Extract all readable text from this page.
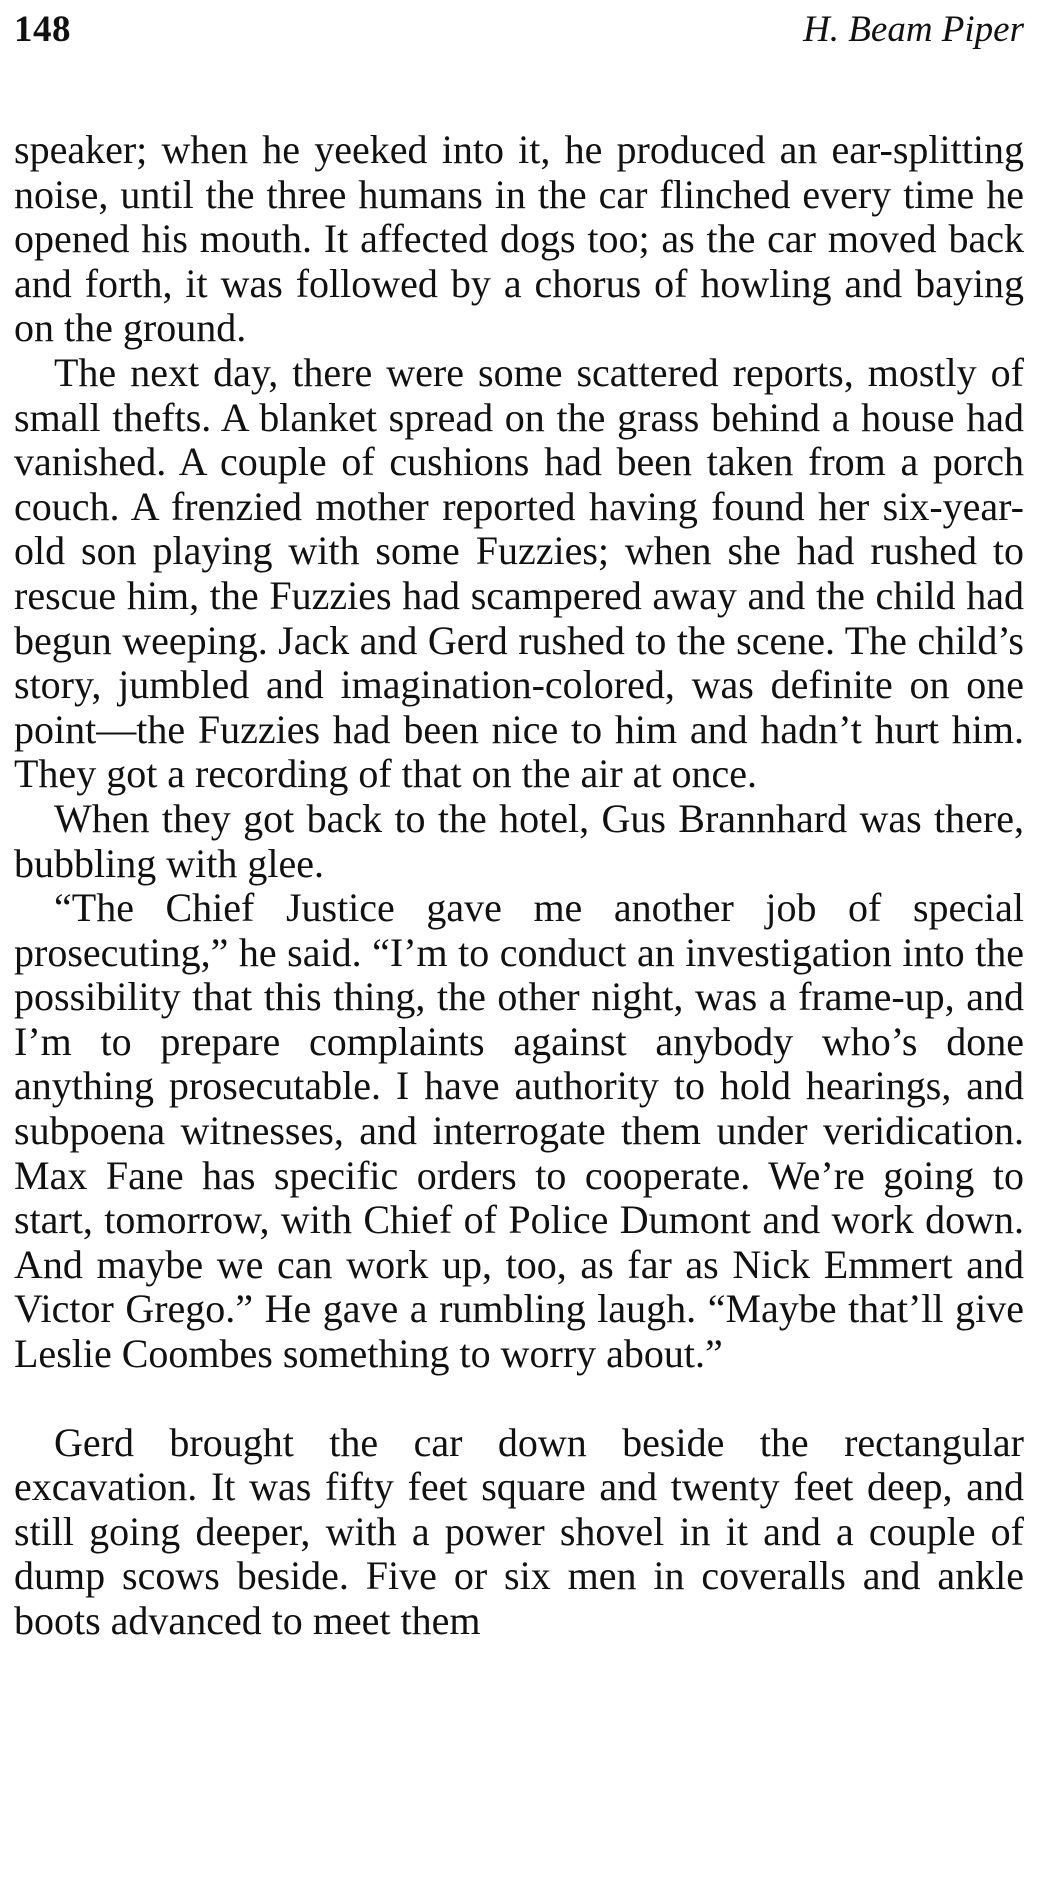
148	H. Beam Piper

speaker; when he yeeked into it, he produced an ear-splitting noise, until the three humans in the car flinched every time he opened his mouth. It affected dogs too; as the car moved back and forth, it was followed by a chorus of howling and baying on the ground.

The next day, there were some scattered reports, mostly of small thefts. A blanket spread on the grass behind a house had vanished. A couple of cushions had been taken from a porch couch. A frenzied mother reported having found her six-year-old son playing with some Fuzzies; when she had rushed to rescue him, the Fuzzies had scampered away and the child had begun weeping. Jack and Gerd rushed to the scene. The child’s story, jumbled and imagination-colored, was definite on one point—the Fuzzies had been nice to him and hadn’t hurt him. They got a recording of that on the air at once.

When they got back to the hotel, Gus Brannhard was there, bubbling with glee.

“The Chief Justice gave me another job of special prosecuting,” he said. “I’m to conduct an investigation into the possibility that this thing, the other night, was a frame-up, and I’m to prepare complaints against anybody who’s done anything prosecutable. I have authority to hold hearings, and subpoena witnesses, and interrogate them under veridication. Max Fane has specific orders to cooperate. We’re going to start, tomorrow, with Chief of Police Dumont and work down. And maybe we can work up, too, as far as Nick Emmert and Victor Grego.” He gave a rumbling laugh. “Maybe that’ll give Leslie Coombes something to worry about.”

Gerd brought the car down beside the rectangular excavation. It was fifty feet square and twenty feet deep, and still going deeper, with a power shovel in it and a couple of dump scows beside. Five or six men in coveralls and ankle boots advanced to meet them
